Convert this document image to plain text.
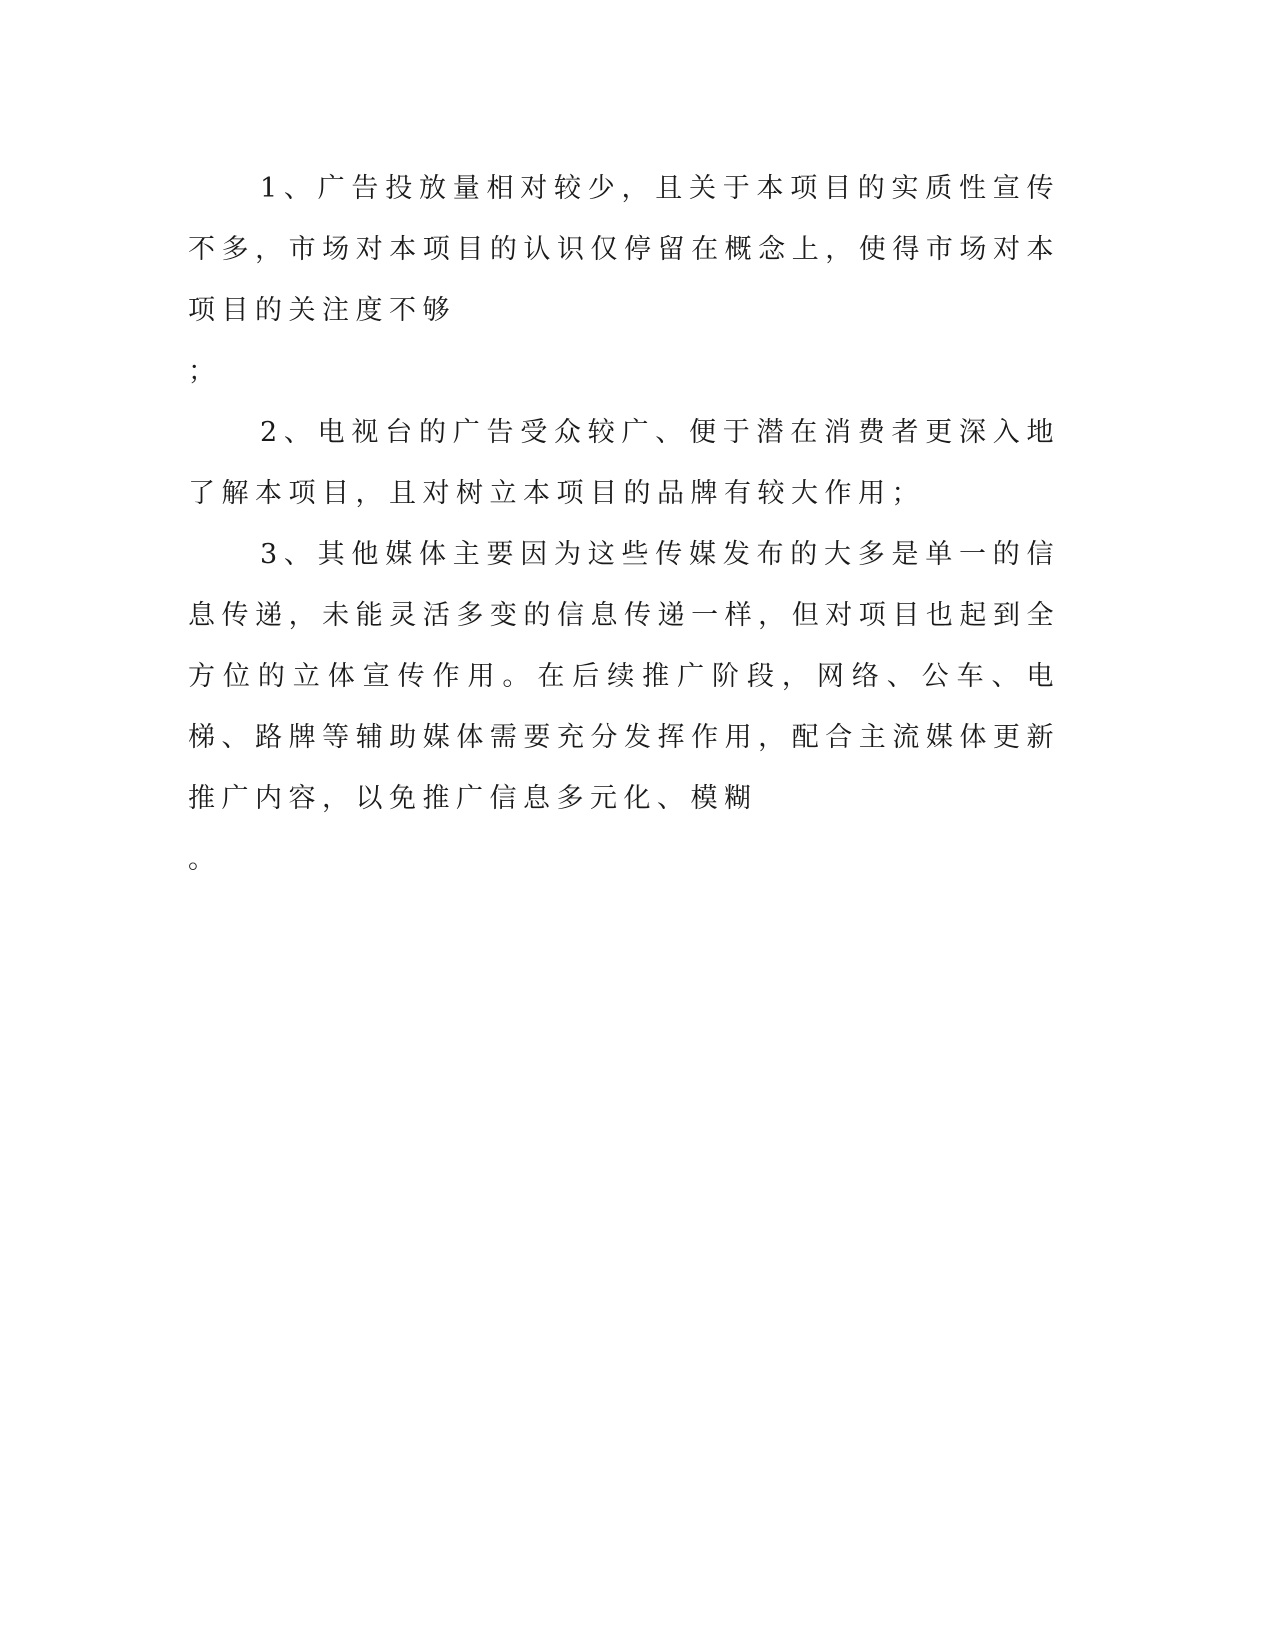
1、广告投放量相对较少，且关于本项目的实质性宣传不多，市场对本项目的认识仅停留在概念上，使得市场对本项目的关注度不够
；

2、电视台的广告受众较广、便于潜在消费者更深入地了解本项目，且对树立本项目的品牌有较大作用；

3、其他媒体主要因为这些传媒发布的大多是单一的信息传递，未能灵活多变的信息传递一样，但对项目也起到全方位的立体宣传作用。在后续推广阶段，网络、公车、电梯、路牌等辅助媒体需要充分发挥作用，配合主流媒体更新推广内容，以免推广信息多元化、模糊
。
